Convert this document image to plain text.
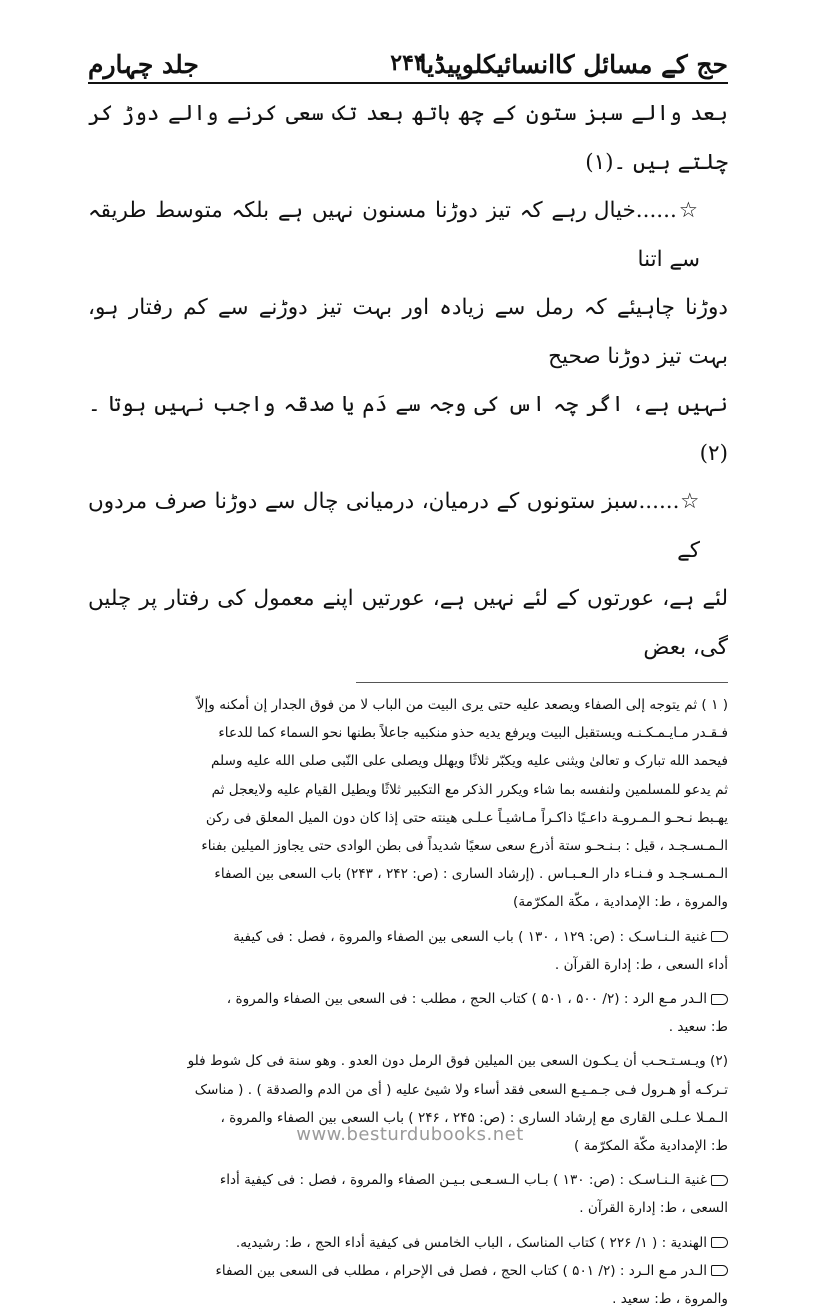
حج کے مسائل کاانسائیکلوپیڈیا
۲۴۴
جلد چہارم

بعد والے سبز ستون کے چھ ہاتھ بعد تک سعی کرنے والے دوڑ کر چلتے ہیں ۔(۱)

☆......خیال رہے کہ تیز دوڑنا مسنون نہیں ہے بلکہ متوسط طریقہ سے اتنا

دوڑنا چاہیئے کہ رمل سے زیادہ اور بہت تیز دوڑنے سے کم رفتار ہو، بہت تیز دوڑنا صحیح

نہیں ہے، اگر چہ اس کی وجہ سے دَم یا صدقہ واجب نہیں ہوتا ۔(۲)

☆......سبز ستونوں کے درمیان، درمیانی چال سے دوڑنا صرف مردوں کے

لئے ہے، عورتوں کے لئے نہیں ہے، عورتیں اپنے معمول کی رفتار پر چلیں گی، بعض

( ۱ ) ثم يتوجه إلى الصفاء ويصعد عليه حتى يرى البيت من الباب لا من فوق الجدار إن أمكنه وإلاّ

فـقـدر مـايـمـكـنـه ويستقبل البيت ويرفع يديه حذو منكبيه جاعلاً بطنها نحو السماء كما للدعاء

فيحمد الله تبارک و تعالىٰ ويثنى عليه ويكبّر ثلاثًا ويهلل ويصلى على النّبى صلى الله عليه وسلم

ثم يدعو للمسلمين ولنفسه بما شاء ويكرر الذكر مع التكبير ثلاثًا ويطيل القيام عليه ولايعجل ثم

يهـبط نـحـو الـمـروـة داعـيًا ذاكـراً مـاشيـاً عـلـى هينته حتى إذا كان دون الميل المعلق فى ركن

الـمـسـجـد ، قيل : بـنـحـو ستة أذرع سعى سعيًا شديداً فى بطن الوادى حتى يجاوز الميلين بفناء

الـمـسـجـد و فـنـاء دار الـعـبـاس . (إرشاد السارى : (ص: ۲۴۲ ، ۲۴۳) باب السعى بين الصفاء

والمروة ، ط: الإمدادية ، مكّة المكرّمة)

غنية الـنـاسـک : (ص: ۱۲۹ ، ۱۳۰ ) باب السعى بين الصفاء والمروة ، فصل : فى كيفية

أداء السعى ، ط: إدارة القرآن .

الـدر مـع الرد : (۲/ ۵۰۰ ، ۵۰۱ ) كتاب الحج ، مطلب : فى السعى بين الصفاء والمروة ،

ط: سعيد .

(۲) ويـسـتـحـب أن يـكـون السعى بين الميلين فوق الرمل دون العدو . وهو سنة فى كل شوط فلو

تـركـه أو هـرول فـى جـمـيـع السعى فقد أساء ولا شيئ عليه ( أى من الدم والصدقة ) . ( مناسک

الـمـلا عـلـى القارى مع إرشاد السارى : (ص: ۲۴۵ ، ۲۴۶ ) باب السعى بين الصفاء والمروة ،

ط: الإمدادية مكّة المكرّمة )

غنية الـنـاسـک : (ص: ۱۳۰ ) بـاب الـسـعـى بـيـن الصفاء والمروة ، فصل : فى كيفية أداء

السعى ، ط: إدارة القرآن .

الهندية : ( ۱/ ۲۲۶ ) كتاب المناسک ، الباب الخامس فى كيفية أداء الحج ، ط: رشيديه.

الـدر مـع الـرد : (۲/ ۵۰۱ ) كتاب الحج ، فصل فى الإحرام ، مطلب فى السعى بين الصفاء

والمروة ، ط: سعيد .

www.besturdubooks.net
